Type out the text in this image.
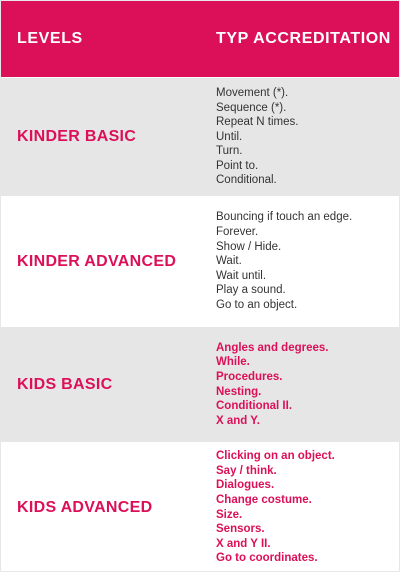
LEVELS	TYP ACCREDITATION
KINDER BASIC
Movement (*).
Sequence (*).
Repeat N times.
Until.
Turn.
Point to.
Conditional.
KINDER ADVANCED
Bouncing if touch an edge.
Forever.
Show / Hide.
Wait.
Wait until.
Play a sound.
Go to an object.
KIDS BASIC
Angles and degrees.
While.
Procedures.
Nesting.
Conditional II.
X and Y.
KIDS ADVANCED
Clicking on an object.
Say / think.
Dialogues.
Change costume.
Size.
Sensors.
X and Y II.
Go to coordinates.
